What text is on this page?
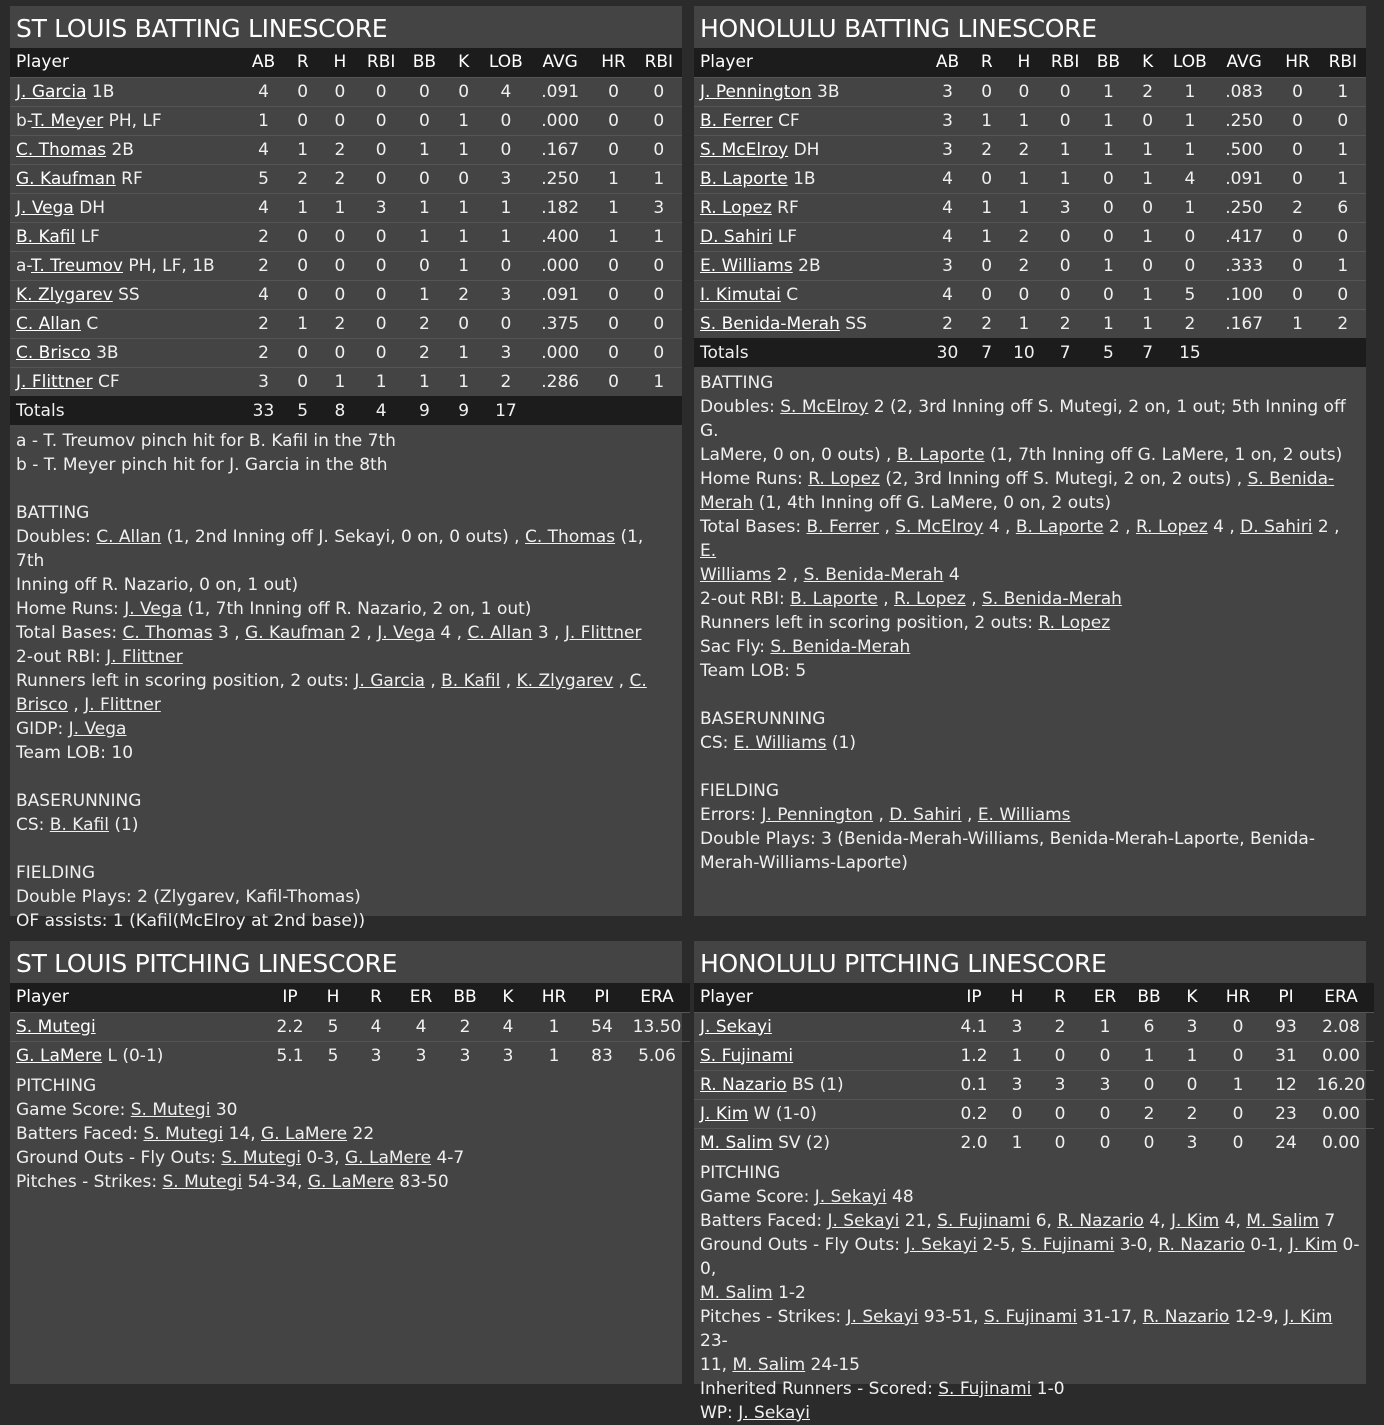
ST LOUIS BATTING LINESCORE
Player	AB	R	H	RBI	BB	K	LOB	AVG	HR	RBI
J. Garcia 1B	4	0	0	0	0	0	4	.091	0	0
b-T. Meyer PH, LF	1	0	0	0	0	1	0	.000	0	0
C. Thomas 2B	4	1	2	0	1	1	0	.167	0	0
G. Kaufman RF	5	2	2	0	0	0	3	.250	1	1
J. Vega DH	4	1	1	3	1	1	1	.182	1	3
B. Kafil LF	2	0	0	0	1	1	1	.400	1	1
a-T. Treumov PH, LF, 1B	2	0	0	0	0	1	0	.000	0	0
K. Zlygarev SS	4	0	0	0	1	2	3	.091	0	0
C. Allan C	2	1	2	0	2	0	0	.375	0	0
C. Brisco 3B	2	0	0	0	2	1	3	.000	0	0
J. Flittner CF	3	0	1	1	1	1	2	.286	0	1
Totals	33	5	8	4	9	9	17			
a - T. Treumov pinch hit for B. Kafil in the 7th
b - T. Meyer pinch hit for J. Garcia in the 8th
BATTING
Doubles: C. Allan (1, 2nd Inning off J. Sekayi, 0 on, 0 outs) , C. Thomas (1, 7th
Inning off R. Nazario, 0 on, 1 out)
Home Runs: J. Vega (1, 7th Inning off R. Nazario, 2 on, 1 out)
Total Bases: C. Thomas 3 , G. Kaufman 2 , J. Vega 4 , C. Allan 3 , J. Flittner
2-out RBI: J. Flittner
Runners left in scoring position, 2 outs: J. Garcia , B. Kafil , K. Zlygarev , C.
Brisco , J. Flittner
GIDP: J. Vega
Team LOB: 10
BASERUNNING
CS: B. Kafil (1)
FIELDING
Double Plays: 2 (Zlygarev, Kafil-Thomas)
OF assists: 1 (Kafil(McElroy at 2nd base))
HONOLULU BATTING LINESCORE
Player	AB	R	H	RBI	BB	K	LOB	AVG	HR	RBI
J. Pennington 3B	3	0	0	0	1	2	1	.083	0	1
B. Ferrer CF	3	1	1	0	1	0	1	.250	0	0
S. McElroy DH	3	2	2	1	1	1	1	.500	0	1
B. Laporte 1B	4	0	1	1	0	1	4	.091	0	1
R. Lopez RF	4	1	1	3	0	0	1	.250	2	6
D. Sahiri LF	4	1	2	0	0	1	0	.417	0	0
E. Williams 2B	3	0	2	0	1	0	0	.333	0	1
I. Kimutai C	4	0	0	0	0	1	5	.100	0	0
S. Benida-Merah SS	2	2	1	2	1	1	2	.167	1	2
Totals	30	7	10	7	5	7	15			
BATTING
Doubles: S. McElroy 2 (2, 3rd Inning off S. Mutegi, 2 on, 1 out; 5th Inning off G.
LaMere, 0 on, 0 outs) , B. Laporte (1, 7th Inning off G. LaMere, 1 on, 2 outs)
Home Runs: R. Lopez (2, 3rd Inning off S. Mutegi, 2 on, 2 outs) , S. Benida-
Merah (1, 4th Inning off G. LaMere, 0 on, 2 outs)
Total Bases: B. Ferrer , S. McElroy 4 , B. Laporte 2 , R. Lopez 4 , D. Sahiri 2 , E.
Williams 2 , S. Benida-Merah 4
2-out RBI: B. Laporte , R. Lopez , S. Benida-Merah
Runners left in scoring position, 2 outs: R. Lopez
Sac Fly: S. Benida-Merah
Team LOB: 5
BASERUNNING
CS: E. Williams (1)
FIELDING
Errors: J. Pennington , D. Sahiri , E. Williams
Double Plays: 3 (Benida-Merah-Williams, Benida-Merah-Laporte, Benida-
Merah-Williams-Laporte)
ST LOUIS PITCHING LINESCORE
Player	IP	H	R	ER	BB	K	HR	PI	ERA
S. Mutegi	2.2	5	4	4	2	4	1	54	13.50
G. LaMere L (0-1)	5.1	5	3	3	3	3	1	83	5.06
PITCHING
Game Score: S. Mutegi 30
Batters Faced: S. Mutegi 14, G. LaMere 22
Ground Outs - Fly Outs: S. Mutegi 0-3, G. LaMere 4-7
Pitches - Strikes: S. Mutegi 54-34, G. LaMere 83-50
HONOLULU PITCHING LINESCORE
Player	IP	H	R	ER	BB	K	HR	PI	ERA
J. Sekayi	4.1	3	2	1	6	3	0	93	2.08
S. Fujinami	1.2	1	0	0	1	1	0	31	0.00
R. Nazario BS (1)	0.1	3	3	3	0	0	1	12	16.20
J. Kim W (1-0)	0.2	0	0	0	2	2	0	23	0.00
M. Salim SV (2)	2.0	1	0	0	0	3	0	24	0.00
PITCHING
Game Score: J. Sekayi 48
Batters Faced: J. Sekayi 21, S. Fujinami 6, R. Nazario 4, J. Kim 4, M. Salim 7
Ground Outs - Fly Outs: J. Sekayi 2-5, S. Fujinami 3-0, R. Nazario 0-1, J. Kim 0-0,
M. Salim 1-2
Pitches - Strikes: J. Sekayi 93-51, S. Fujinami 31-17, R. Nazario 12-9, J. Kim 23-
11, M. Salim 24-15
Inherited Runners - Scored: S. Fujinami 1-0
WP: J. Sekayi
